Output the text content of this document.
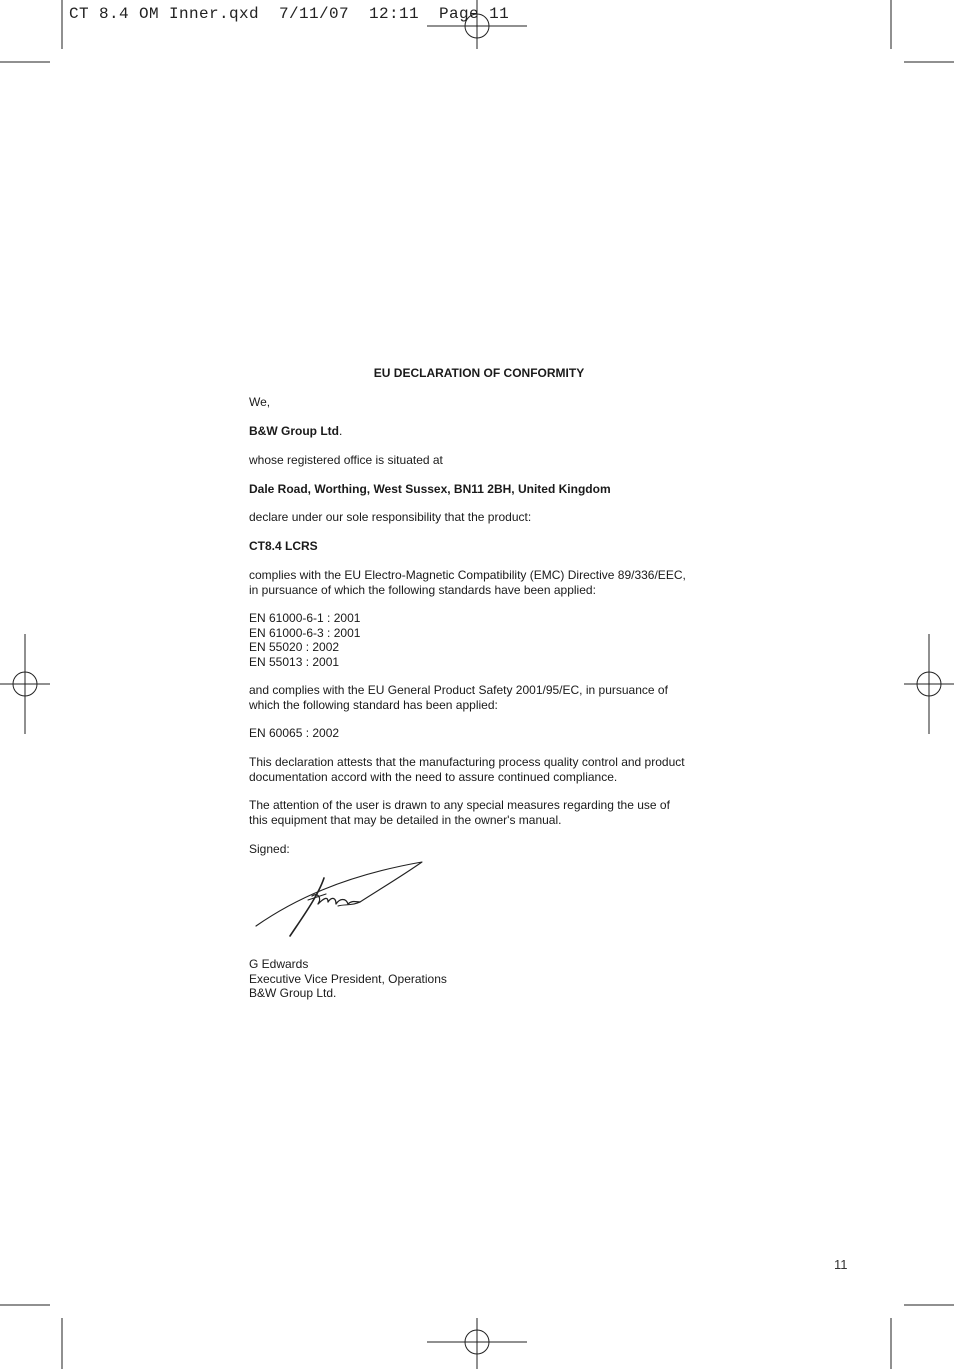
CT 8.4 OM Inner.qxd  7/11/07  12:11  Page 11
EU DECLARATION OF CONFORMITY

We,

B&W Group Ltd.

whose registered office is situated at

Dale Road, Worthing, West Sussex, BN11 2BH, United Kingdom

declare under our sole responsibility that the product:

CT8.4 LCRS

complies with the EU Electro-Magnetic Compatibility (EMC) Directive 89/336/EEC,

in pursuance of which the following standards have been applied:

EN 61000-6-1 : 2001

EN 61000-6-3 : 2001

EN 55020 : 2002

EN 55013 : 2001

and complies with the EU General Product Safety 2001/95/EC, in pursuance of

which the following standard has been applied:

EN 60065 : 2002

This declaration attests that the manufacturing process quality control and product

documentation accord with the need to assure continued compliance.

The attention of the user is drawn to any special measures regarding the use of

this equipment that may be detailed in the owner's manual.

Signed:

G Edwards

Executive Vice President, Operations

B&W Group Ltd.

11
